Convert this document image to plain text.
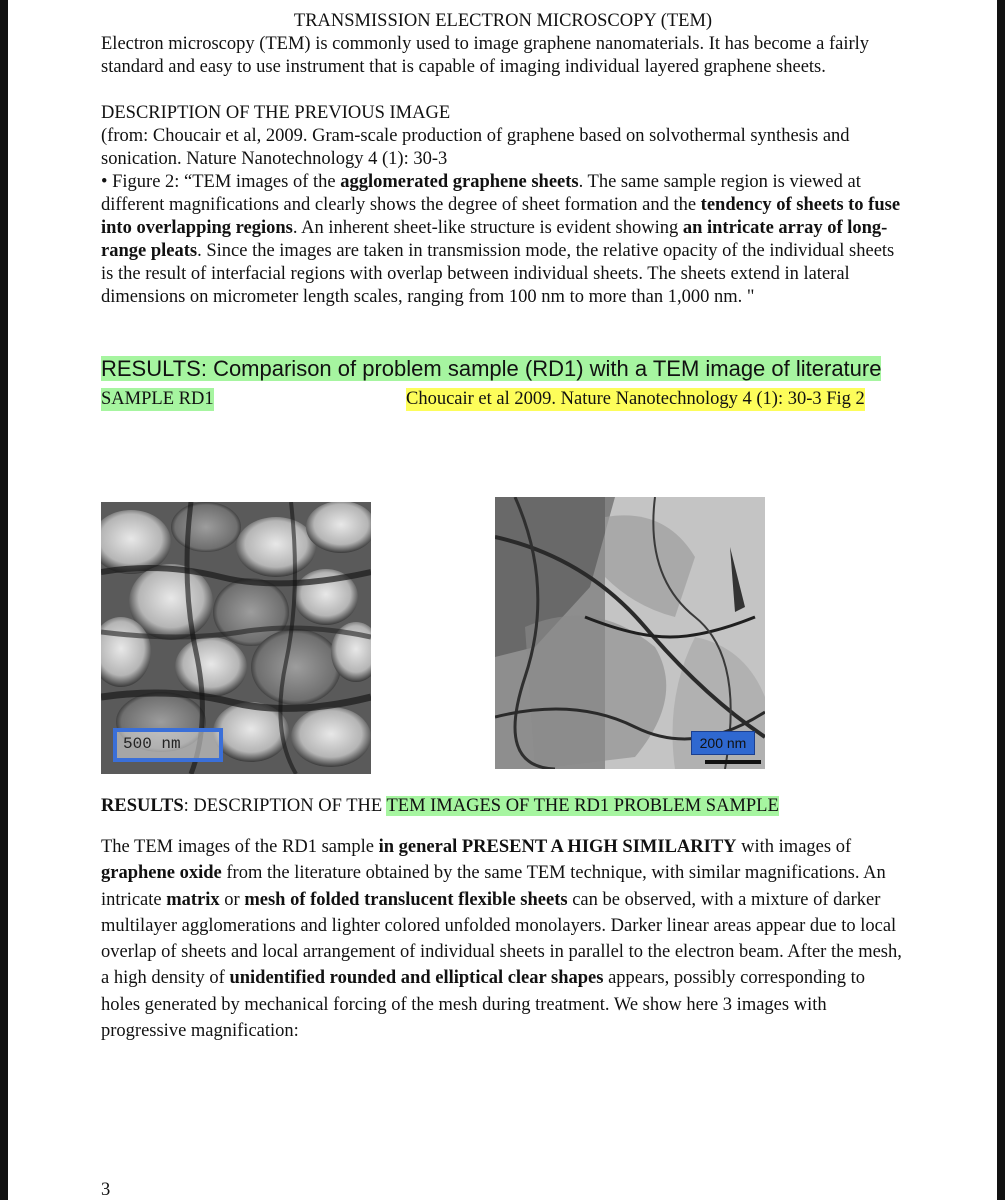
TRANSMISSION ELECTRON MICROSCOPY (TEM)

Electron microscopy (TEM) is commonly used to image graphene nanomaterials. It has become a fairly standard and easy to use instrument that is capable of imaging individual layered graphene sheets.

DESCRIPTION OF THE PREVIOUS IMAGE

(from: Choucair et al, 2009. Gram-scale production of graphene based on solvothermal synthesis and sonication. Nature Nanotechnology 4 (1): 30-3

• Figure 2: “TEM images of the agglomerated graphene sheets. The same sample region is viewed at different magnifications and clearly shows the degree of sheet formation and the tendency of sheets to fuse into overlapping regions. An inherent sheet-like structure is evident showing an intricate array of long-range pleats. Since the images are taken in transmission mode, the relative opacity of the individual sheets is the result of interfacial regions with overlap between individual sheets. The sheets extend in lateral dimensions on micrometer length scales, ranging from 100 nm to more than 1,000 nm. "

RESULTS: Comparison of problem sample (RD1) with a TEM image of literature

SAMPLE RD1	Choucair et al 2009. Nature Nanotechnology 4 (1): 30-3 Fig 2
500 nm	200 nm
RESULTS: DESCRIPTION OF THE TEM IMAGES OF THE RD1 PROBLEM SAMPLE

The TEM images of the RD1 sample in general PRESENT A HIGH SIMILARITY with images of graphene oxide from the literature obtained by the same TEM technique, with similar magnifications. An intricate matrix or mesh of folded translucent flexible sheets can be observed, with a mixture of darker multilayer agglomerations and lighter colored unfolded monolayers. Darker linear areas appear due to local overlap of sheets and local arrangement of individual sheets in parallel to the electron beam. After the mesh, a high density of unidentified rounded and elliptical clear shapes appears, possibly corresponding to holes generated by mechanical forcing of the mesh during treatment. We show here 3 images with progressive magnification:

3
